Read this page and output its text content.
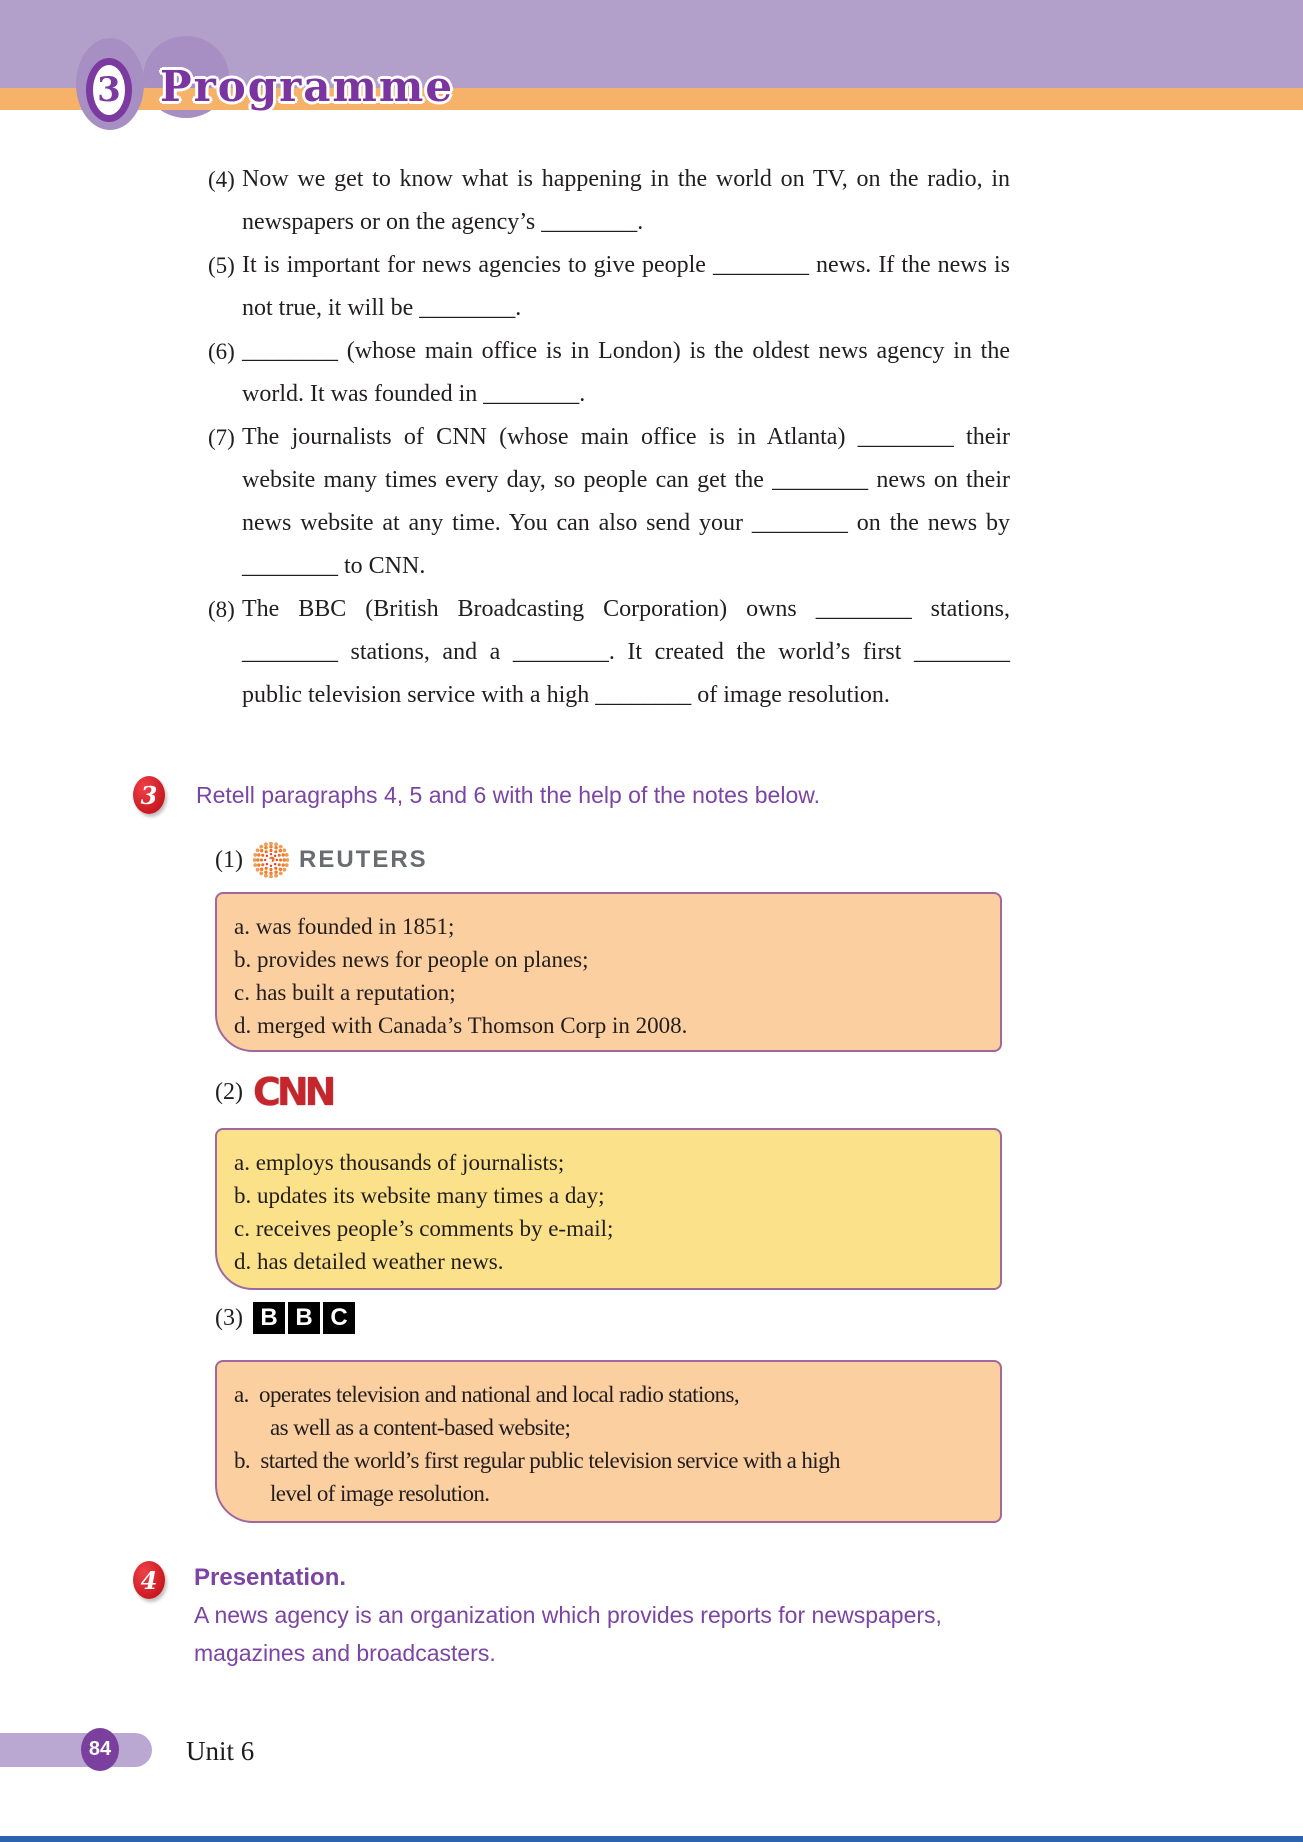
3 Programme
(4) Now we get to know what is happening in the world on TV, on the radio, in newspapers or on the agency’s ________.
(5) It is important for news agencies to give people ________ news. If the news is not true, it will be ________.
(6) ________ (whose main office is in London) is the oldest news agency in the world. It was founded in ________.
(7) The journalists of CNN (whose main office is in Atlanta) ________ their website many times every day, so people can get the ________ news on their news website at any time. You can also send your ________ on the news by ________ to CNN.
(8) The BBC (British Broadcasting Corporation) owns ________ stations, ________ stations, and a ________. It created the world’s first ________ public television service with a high ________ of image resolution.
3	Retell paragraphs 4, 5 and 6 with the help of the notes below.
(1) REUTERS
a. was founded in 1851;
b. provides news for people on planes;
c. has built a reputation;
d. merged with Canada’s Thomson Corp in 2008.
(2) CNN
a. employs thousands of journalists;
b. updates its website many times a day;
c. receives people’s comments by e-mail;
d. has detailed weather news.
(3) B B C
a.  operates television and national and local radio stations,
as well as a content-based website;
b.  started the world’s first regular public television service with a high
level of image resolution.
4	Presentation.
A news agency is an organization which provides reports for newspapers,
magazines and broadcasters.
84	Unit 6
